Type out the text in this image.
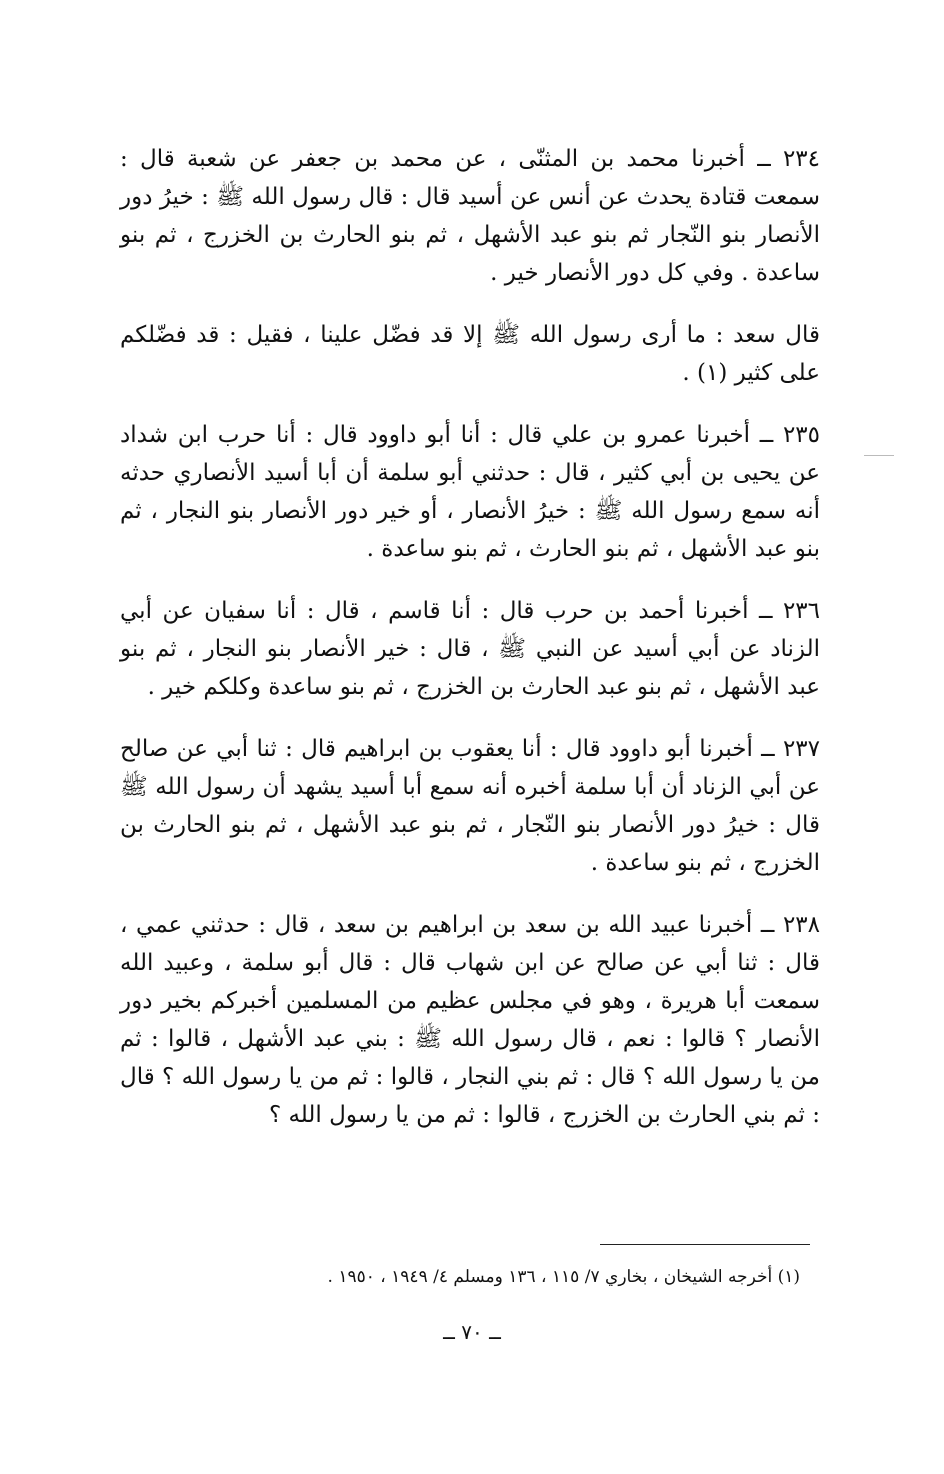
٢٣٤ ــ أخبرنا محمد بن المثنّى ، عن محمد بن جعفر عن شعبة قال : سمعت قتادة يحدث عن أنس عن أسيد قال : قال رسول الله ﷺ : خيرُ دور الأنصار بنو النّجار ثم بنو عبد الأشهل ، ثم بنو الحارث بن الخزرج ، ثم بنو ساعدة . وفي كل دور الأنصار خير .

قال سعد : ما أرى رسول الله ﷺ إلا قد فضّل علينا ، فقيل : قد فضّلكم على كثير (١) .

٢٣٥ ــ أخبرنا عمرو بن علي قال : أنا أبو داوود قال : أنا حرب ابن شداد عن يحيى بن أبي كثير ، قال : حدثني أبو سلمة أن أبا أسيد الأنصاري حدثه أنه سمع رسول الله ﷺ : خيرُ الأنصار ، أو خير دور الأنصار بنو النجار ، ثم بنو عبد الأشهل ، ثم بنو الحارث ، ثم بنو ساعدة .

٢٣٦ ــ أخبرنا أحمد بن حرب قال : أنا قاسم ، قال : أنا سفيان عن أبي الزناد عن أبي أسيد عن النبي ﷺ ، قال : خير الأنصار بنو النجار ، ثم بنو عبد الأشهل ، ثم بنو عبد الحارث بن الخزرج ، ثم بنو ساعدة وكلكم خير .

٢٣٧ ــ أخبرنا أبو داوود قال : أنا يعقوب بن ابراهيم قال : ثنا أبي عن صالح عن أبي الزناد أن أبا سلمة أخبره أنه سمع أبا أسيد يشهد أن رسول الله ﷺ قال : خيرُ دور الأنصار بنو النّجار ، ثم بنو عبد الأشهل ، ثم بنو الحارث بن الخزرج ، ثم بنو ساعدة .

٢٣٨ ــ أخبرنا عبيد الله بن سعد بن ابراهيم بن سعد ، قال : حدثني عمي ، قال : ثنا أبي عن صالح عن ابن شهاب قال : قال أبو سلمة ، وعبيد الله سمعت أبا هريرة ، وهو في مجلس عظيم من المسلمين أخبركم بخير دور الأنصار ؟ قالوا : نعم ، قال رسول الله ﷺ : بني عبد الأشهل ، قالوا : ثم من يا رسول الله ؟ قال : ثم بني النجار ، قالوا : ثم من يا رسول الله ؟ قال : ثم بني الحارث بن الخزرج ، قالوا : ثم من يا رسول الله ؟

(١) أخرجه الشيخان ، بخاري ٧/ ١١٥ ، ١٣٦ ومسلم ٤/ ١٩٤٩ ، ١٩٥٠ .
ــ ٧٠ ــ
